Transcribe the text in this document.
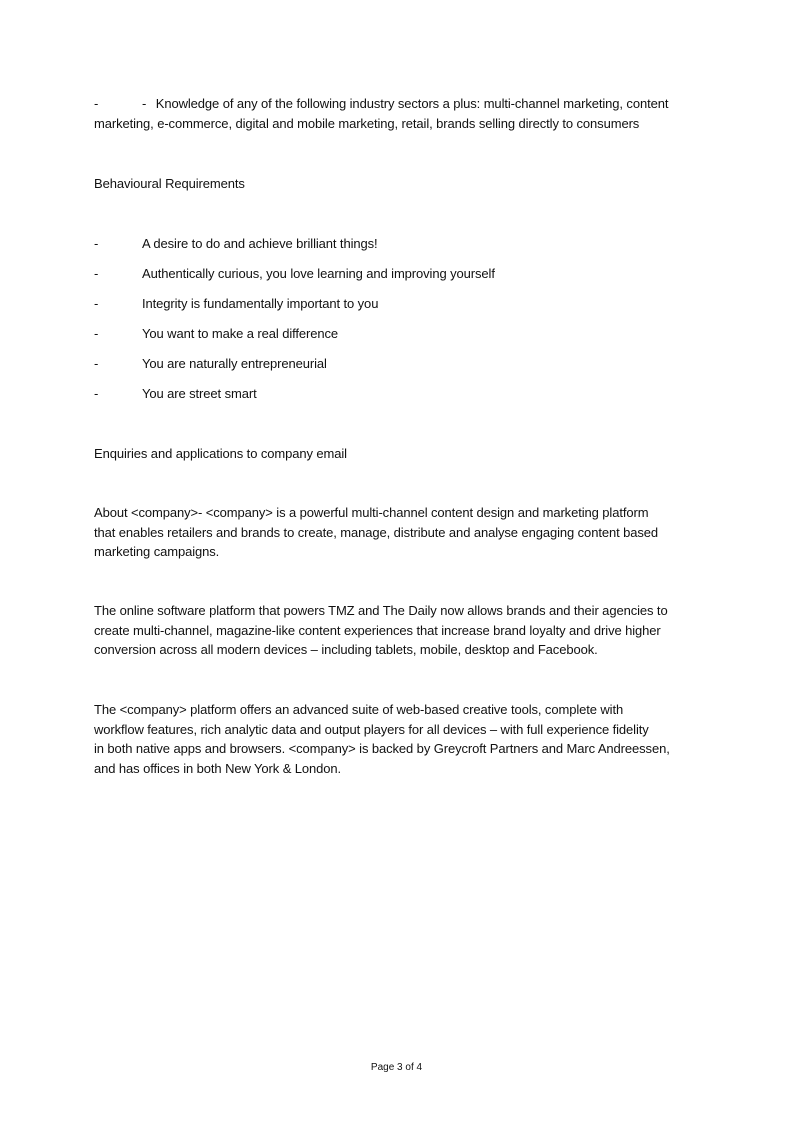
-	- Knowledge of any of the following industry sectors a plus: multi-channel marketing, content
marketing, e-commerce, digital and mobile marketing, retail, brands selling directly to consumers
Behavioural Requirements
-	A desire to do and achieve brilliant things!
-	Authentically curious, you love learning and improving yourself
-	Integrity is fundamentally important to you
-	You want to make a real difference
-	You are naturally entrepreneurial
-	You are street smart
Enquiries and applications to company email
About <company>- <company> is a powerful multi-channel content design and marketing platform
that enables retailers and brands to create, manage, distribute and analyse engaging content based
marketing campaigns.
The online software platform that powers TMZ and The Daily now allows brands and their agencies to
create multi-channel, magazine-like content experiences that increase brand loyalty and drive higher
conversion across all modern devices – including tablets, mobile, desktop and Facebook.
The <company> platform offers an advanced suite of web-based creative tools, complete with
workflow features, rich analytic data and output players for all devices – with full experience fidelity
in both native apps and browsers. <company> is backed by Greycroft Partners and Marc Andreessen,
and has offices in both New York & London.
Page 3 of 4
